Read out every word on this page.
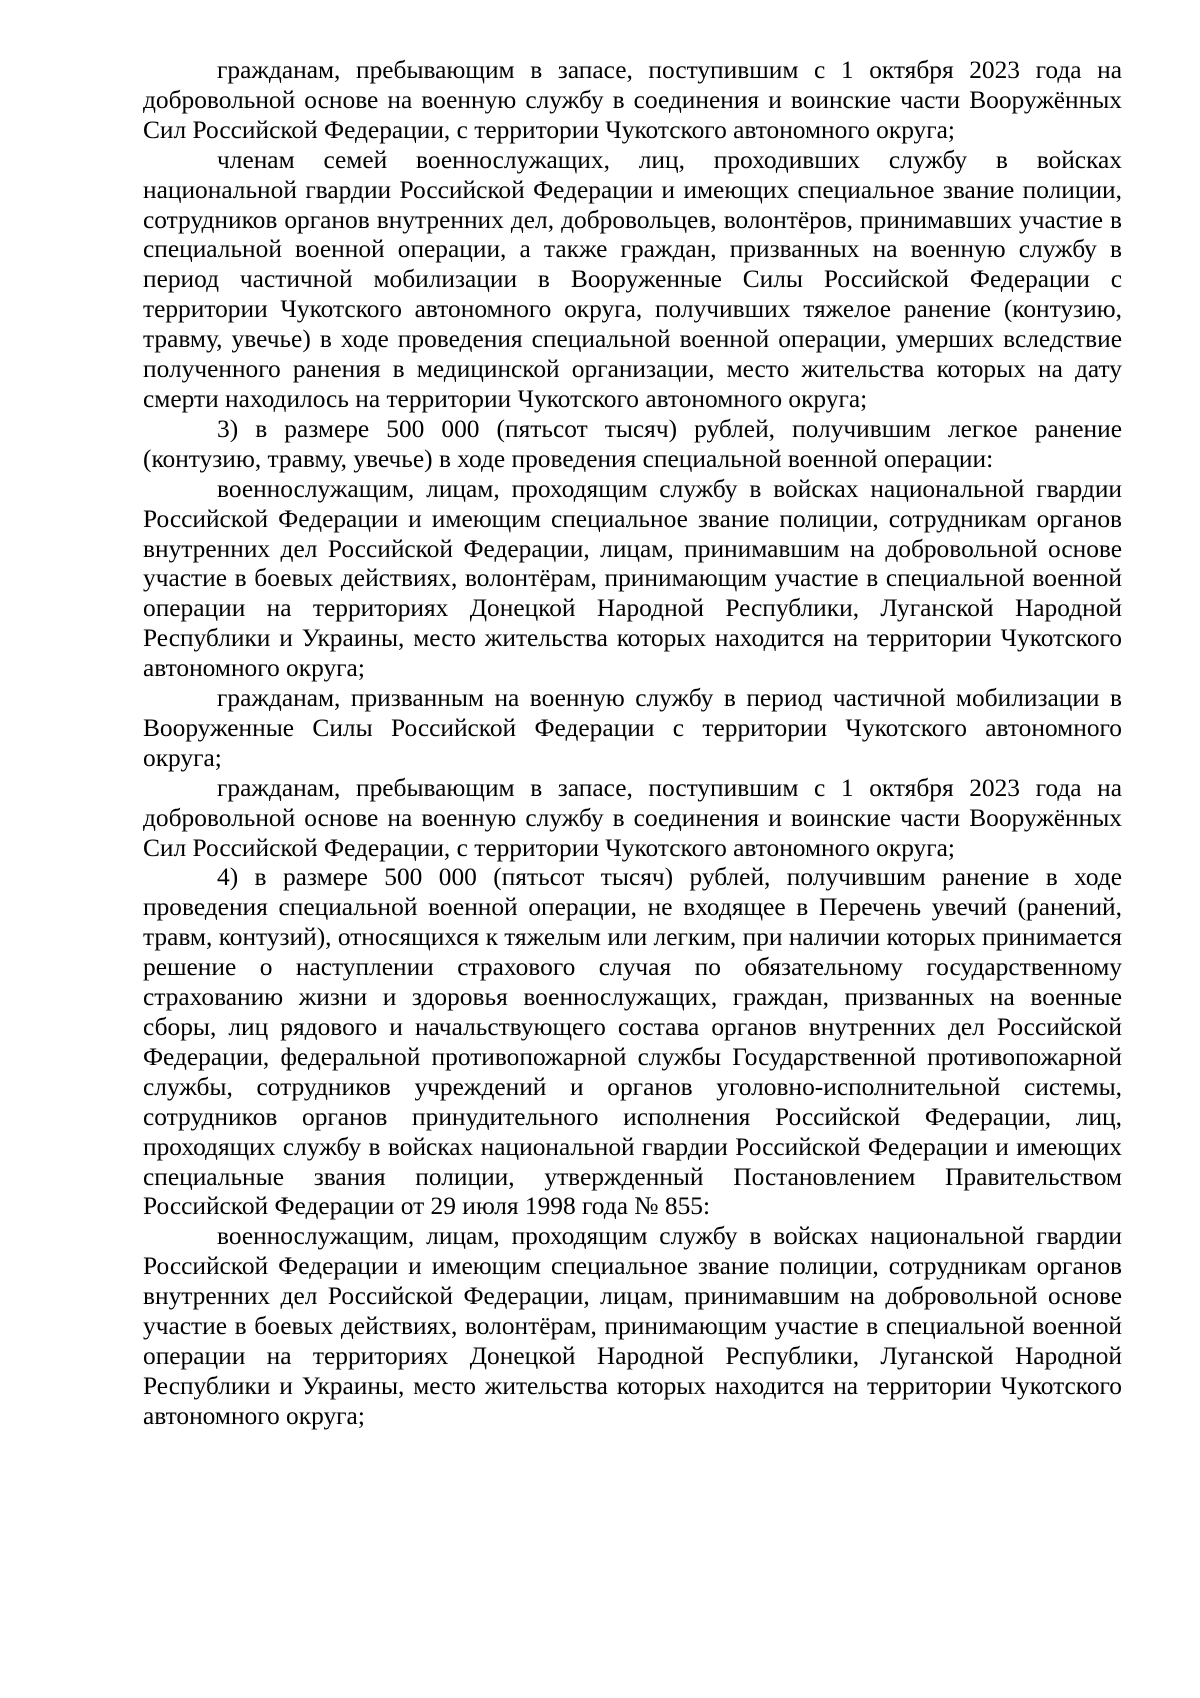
гражданам, пребывающим в запасе, поступившим с 1 октября 2023 года на добровольной основе на военную службу в соединения и воинские части Вооружённых Сил Российской Федерации, с территории Чукотского автономного округа;

членам семей военнослужащих, лиц, проходивших службу в войсках национальной гвардии Российской Федерации и имеющих специальное звание полиции, сотрудников органов внутренних дел, добровольцев, волонтёров, принимавших участие в специальной военной операции, а также граждан, призванных на военную службу в период частичной мобилизации в Вооруженные Силы Российской Федерации с территории Чукотского автономного округа, получивших тяжелое ранение (контузию, травму, увечье) в ходе проведения специальной военной операции, умерших вследствие полученного ранения в медицинской организации, место жительства которых на дату смерти находилось на территории Чукотского автономного округа;

3) в размере 500 000 (пятьсот тысяч) рублей, получившим легкое ранение (контузию, травму, увечье) в ходе проведения специальной военной операции:

военнослужащим, лицам, проходящим службу в войсках национальной гвардии Российской Федерации и имеющим специальное звание полиции, сотрудникам органов внутренних дел Российской Федерации, лицам, принимавшим на добровольной основе участие в боевых действиях, волонтёрам, принимающим участие в специальной военной операции на территориях Донецкой Народной Республики, Луганской Народной Республики и Украины, место жительства которых находится на территории Чукотского автономного округа;

гражданам, призванным на военную службу в период частичной мобилизации в Вооруженные Силы Российской Федерации с территории Чукотского автономного округа;

гражданам, пребывающим в запасе, поступившим с 1 октября 2023 года на добровольной основе на военную службу в соединения и воинские части Вооружённых Сил Российской Федерации, с территории Чукотского автономного округа;

4) в размере 500 000 (пятьсот тысяч) рублей, получившим ранение в ходе проведения специальной военной операции, не входящее в Перечень увечий (ранений, травм, контузий), относящихся к тяжелым или легким, при наличии которых принимается решение о наступлении страхового случая по обязательному государственному страхованию жизни и здоровья военнослужащих, граждан, призванных на военные сборы, лиц рядового и начальствующего состава органов внутренних дел Российской Федерации, федеральной противопожарной службы Государственной противопожарной службы, сотрудников учреждений и органов уголовно-исполнительной системы, сотрудников органов принудительного исполнения Российской Федерации, лиц, проходящих службу в войсках национальной гвардии Российской Федерации и имеющих специальные звания полиции, утвержденный Постановлением Правительством Российской Федерации от 29 июля 1998 года № 855:

военнослужащим, лицам, проходящим службу в войсках национальной гвардии Российской Федерации и имеющим специальное звание полиции, сотрудникам органов внутренних дел Российской Федерации, лицам, принимавшим на добровольной основе участие в боевых действиях, волонтёрам, принимающим участие в специальной военной операции на территориях Донецкой Народной Республики, Луганской Народной Республики и Украины, место жительства которых находится на территории Чукотского автономного округа;
